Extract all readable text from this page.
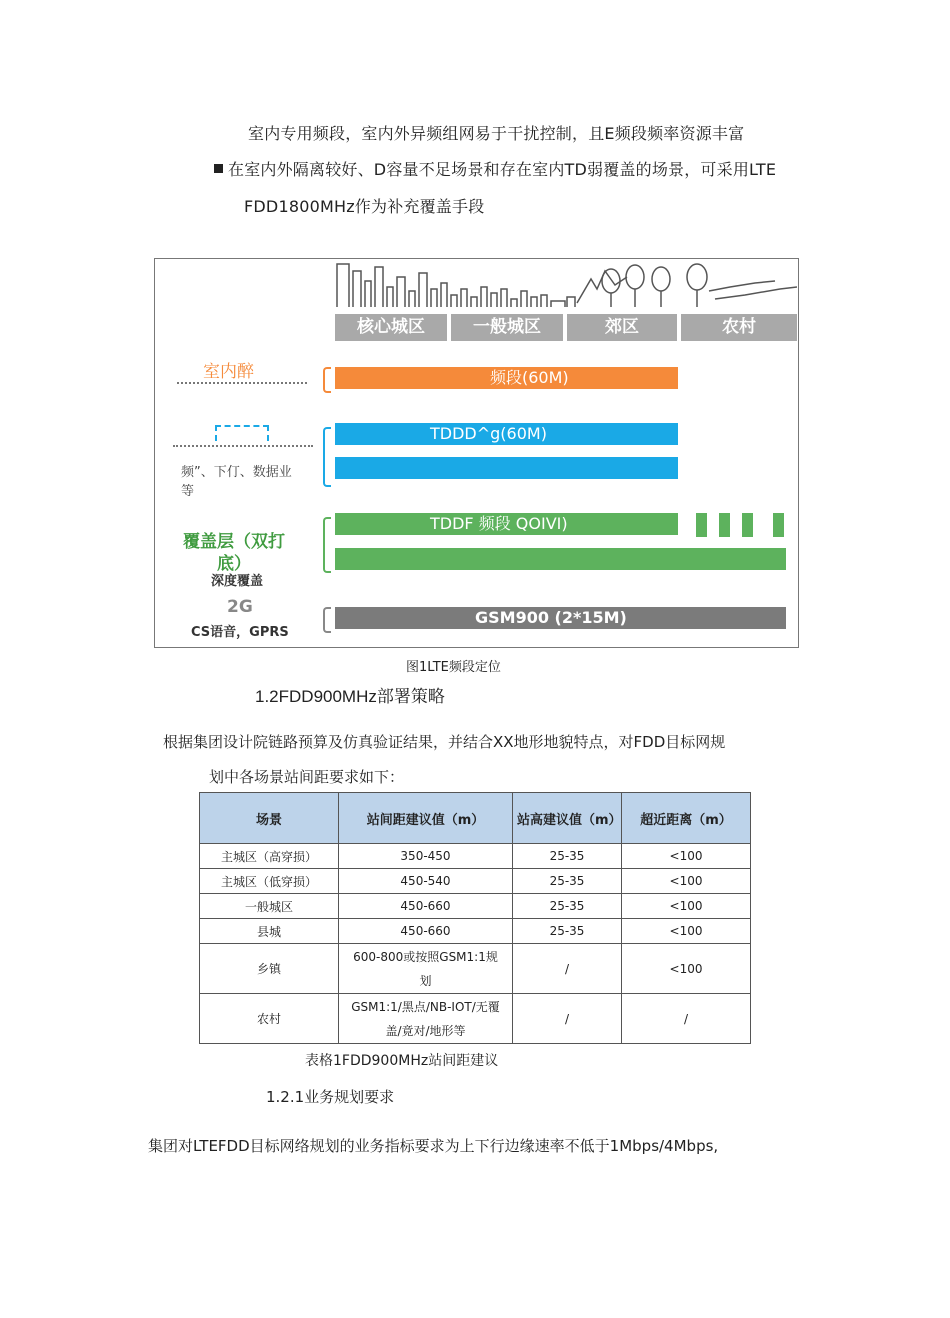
室内专用频段，室内外异频组网易于干扰控制，且E频段频率资源丰富
在室内外隔离较好、D容量不足场景和存在室内TD弱覆盖的场景，可采用LTE
FDD1800MHz作为补充覆盖手段
核心城区	一般城区	郊区	农村
室内醉
频”、下仃、数据业
等
覆盖层（双打
底）
深度覆盖
2G
CS语音，GPRS
频段(60M)
TDDD^g(60M)
TDDF 频段 QOIVI)
GSM900 (2*15M)
图1LTE频段定位
1.2FDD900MHz部署策略
根据集团设计院链路预算及仿真验证结果，并结合XX地形地貌特点，对FDD目标网规
划中各场景站间距要求如下：
场景	站间距建议值（m）	站高建议值（m）	超近距离（m）
主城区（高穿损）	350-450	25-35	<100
主城区（低穿损）	450-540	25-35	<100
一般城区	450-660	25-35	<100
县城	450-660	25-35	<100
乡镇	600-800或按照GSM1:1规划	/	<100
农村	GSM1:1/黑点/NB-IOT/无覆盖/竟对/地形等	/	/
表格1FDD900MHz站间距建议
1.2.1业务规划要求
集团对LTEFDD目标网络规划的业务指标要求为上下行边缘速率不低于1Mbps/4Mbps,
